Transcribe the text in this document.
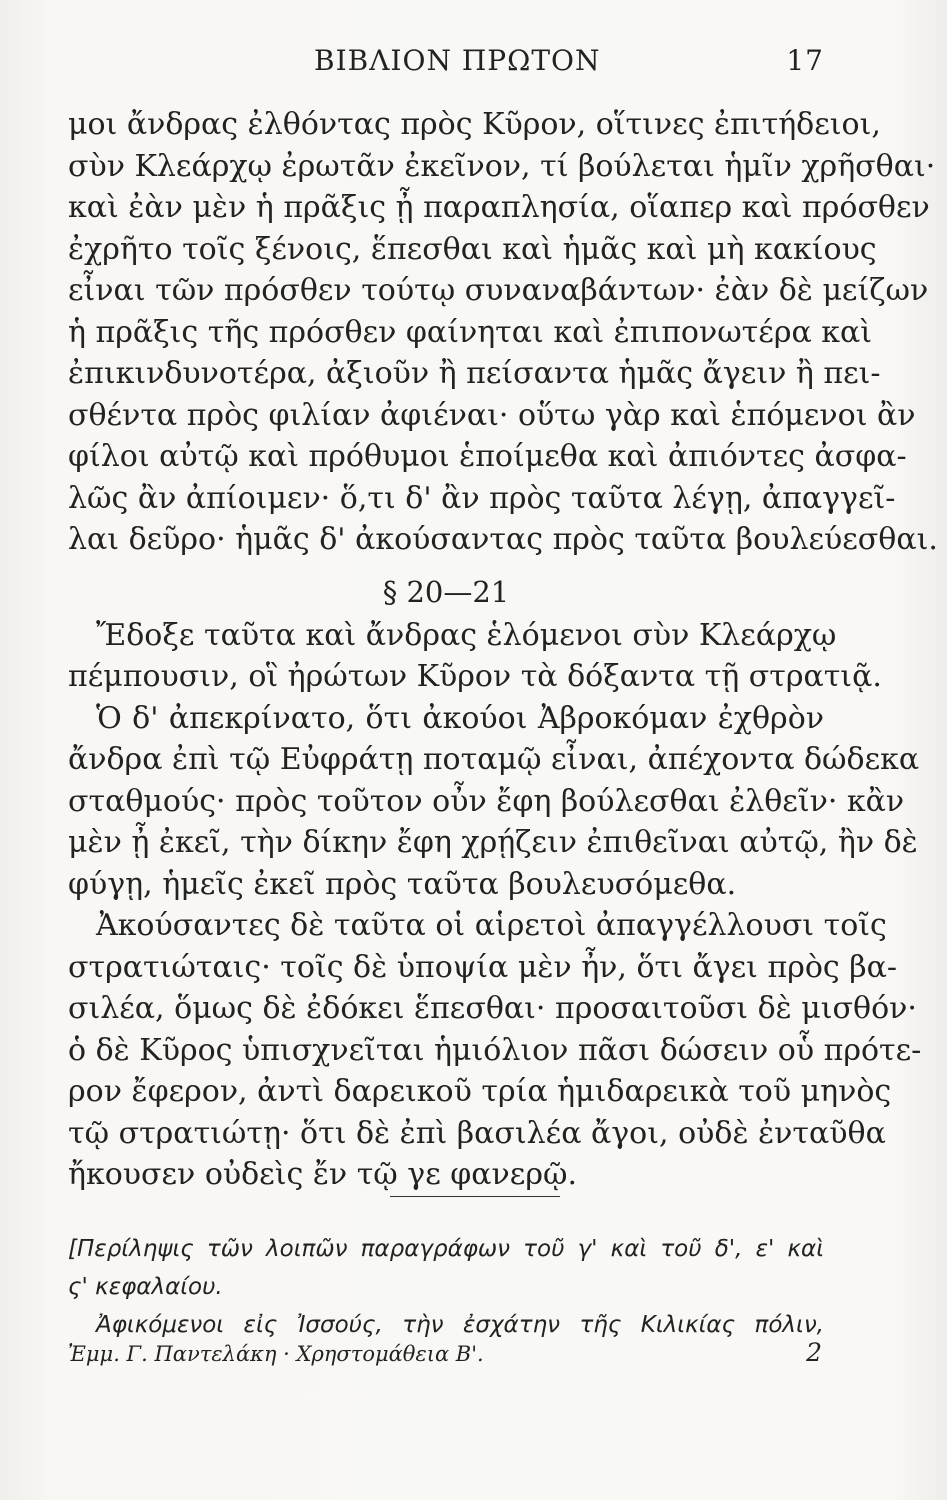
ΒΙΒΛΙΟΝ ΠΡΩΤΟΝ	17
μοι ἄνδρας ἐλθόντας πρὸς Κῦρον, οἵτινες ἐπιτήδειοι,
σὺν Κλεάρχῳ ἐρωτᾶν ἐκεῖνον, τί βούλεται ἡμῖν χρῆσθαι·
καὶ ἐὰν μὲν ἡ πρᾶξις ᾖ παραπλησία, οἵαπερ καὶ πρόσθεν
ἐχρῆτο τοῖς ξένοις, ἕπεσθαι καὶ ἡμᾶς καὶ μὴ κακίους
εἶναι τῶν πρόσθεν τούτῳ συναναβάντων· ἐὰν δὲ μείζων
ἡ πρᾶξις τῆς πρόσθεν φαίνηται καὶ ἐπιπονωτέρα καὶ
ἐπικινδυνοτέρα, ἀξιοῦν ἢ πείσαντα ἡμᾶς ἄγειν ἢ πει-
σθέντα πρὸς φιλίαν ἀφιέναι· οὕτω γὰρ καὶ ἑπόμενοι ἂν
φίλοι αὐτῷ καὶ πρόθυμοι ἑποίμεθα καὶ ἀπιόντες ἀσφα-
λῶς ἂν ἀπίοιμεν· ὅ,τι δ' ἂν πρὸς ταῦτα λέγῃ, ἀπαγγεῖ-
λαι δεῦρο· ἡμᾶς δ' ἀκούσαντας πρὸς ταῦτα βουλεύεσθαι.
§ 20—21
Ἔδοξε ταῦτα καὶ ἄνδρας ἑλόμενοι σὺν Κλεάρχῳ
πέμπουσιν, οἳ ἠρώτων Κῦρον τὰ δόξαντα τῇ στρατιᾷ.
Ὁ δ' ἀπεκρίνατο, ὅτι ἀκούοι Ἀβροκόμαν ἐχθρὸν
ἄνδρα ἐπὶ τῷ Εὐφράτῃ ποταμῷ εἶναι, ἀπέχοντα δώδεκα
σταθμούς· πρὸς τοῦτον οὖν ἔφη βούλεσθαι ἐλθεῖν· κἂν
μὲν ᾖ ἐκεῖ, τὴν δίκην ἔφη χρῄζειν ἐπιθεῖναι αὐτῷ, ἢν δὲ
φύγῃ, ἡμεῖς ἐκεῖ πρὸς ταῦτα βουλευσόμεθα.
Ἀκούσαντες δὲ ταῦτα οἱ αἱρετοὶ ἀπαγγέλλουσι τοῖς
στρατιώταις· τοῖς δὲ ὑποψία μὲν ἦν, ὅτι ἄγει πρὸς βα-
σιλέα, ὅμως δὲ ἐδόκει ἕπεσθαι· προσαιτοῦσι δὲ μισθόν·
ὁ δὲ Κῦρος ὑπισχνεῖται ἡμιόλιον πᾶσι δώσειν οὗ πρότε-
ρον ἔφερον, ἀντὶ δαρεικοῦ τρία ἡμιδαρεικὰ τοῦ μηνὸς
τῷ στρατιώτῃ· ὅτι δὲ ἐπὶ βασιλέα ἄγοι, οὐδὲ ἐνταῦθα
ἤκουσεν οὐδεὶς ἔν τῷ γε φανερῷ.
[Περίληψις τῶν λοιπῶν παραγράφων τοῦ γ' καὶ τοῦ δ', ε' καὶ
ς' κεφαλαίου.
Ἀφικόμενοι εἰς Ἰσσούς, τὴν ἐσχάτην τῆς Κιλικίας πόλιν,
Ἐμμ. Γ. Παντελάκη · Χρηστομάθεια Β'.	2
